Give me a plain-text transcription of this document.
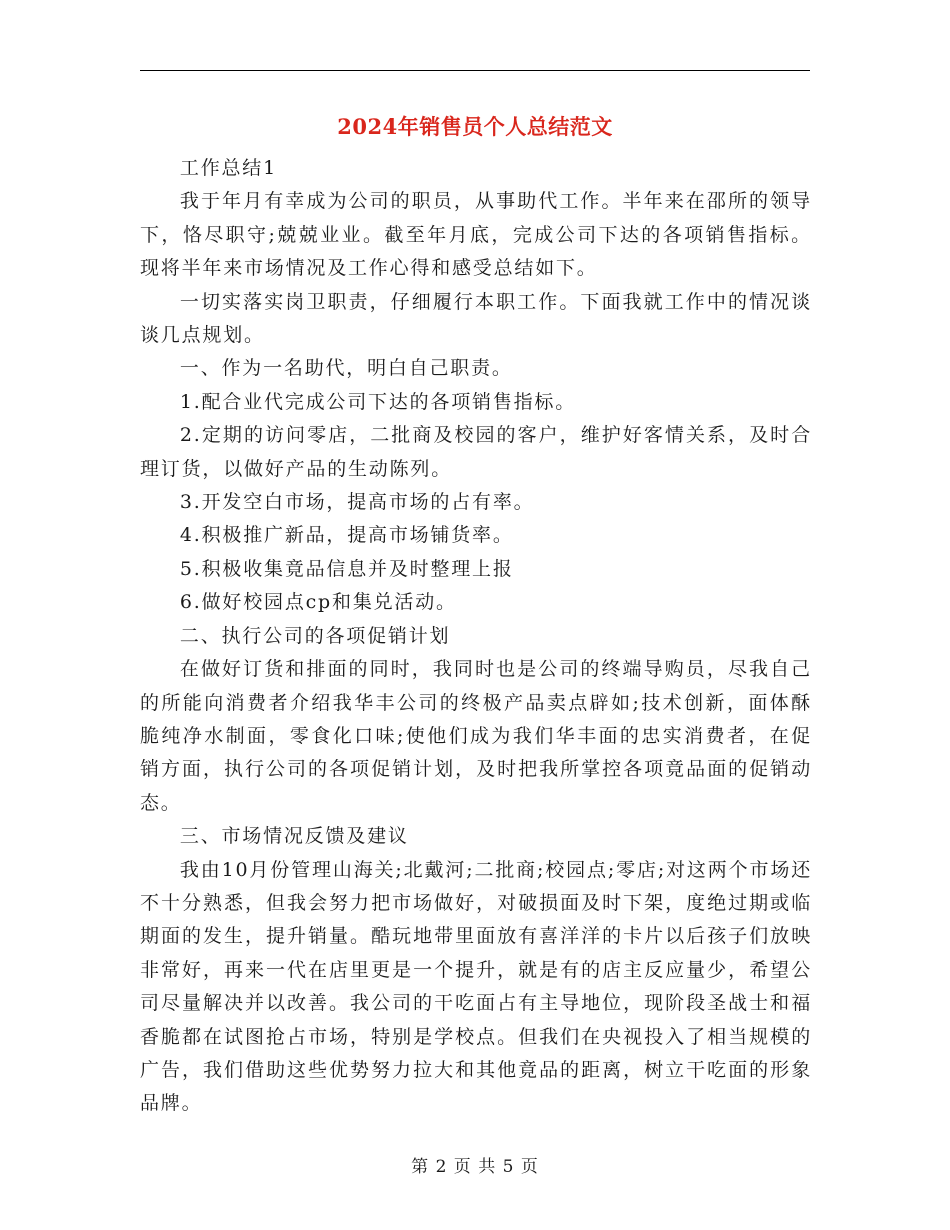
2024年销售员个人总结范文

工作总结1

我于年月有幸成为公司的职员，从事助代工作。半年来在邵所的领导下，恪尽职守;兢兢业业。截至年月底，完成公司下达的各项销售指标。现将半年来市场情况及工作心得和感受总结如下。

一切实落实岗卫职责，仔细履行本职工作。下面我就工作中的情况谈谈几点规划。

一、作为一名助代，明白自己职责。

1.配合业代完成公司下达的各项销售指标。

2.定期的访问零店，二批商及校园的客户，维护好客情关系，及时合理订货，以做好产品的生动陈列。

3.开发空白市场，提高市场的占有率。

4.积极推广新品，提高市场铺货率。

5.积极收集竟品信息并及时整理上报

6.做好校园点cp和集兑活动。

二、执行公司的各项促销计划

在做好订货和排面的同时，我同时也是公司的终端导购员，尽我自己的所能向消费者介绍我华丰公司的终极产品卖点辟如;技术创新，面体酥脆纯净水制面，零食化口味;使他们成为我们华丰面的忠实消费者，在促销方面，执行公司的各项促销计划，及时把我所掌控各项竟品面的促销动态。

三、市场情况反馈及建议

我由10月份管理山海关;北戴河;二批商;校园点;零店;对这两个市场还不十分熟悉，但我会努力把市场做好，对破损面及时下架，度绝过期或临期面的发生，提升销量。酷玩地带里面放有喜洋洋的卡片以后孩子们放映非常好，再来一代在店里更是一个提升，就是有的店主反应量少，希望公司尽量解决并以改善。我公司的干吃面占有主导地位，现阶段圣战士和福香脆都在试图抢占市场，特别是学校点。但我们在央视投入了相当规模的广告，我们借助这些优势努力拉大和其他竟品的距离，树立干吃面的形象品牌。

第 2 页 共 5 页
